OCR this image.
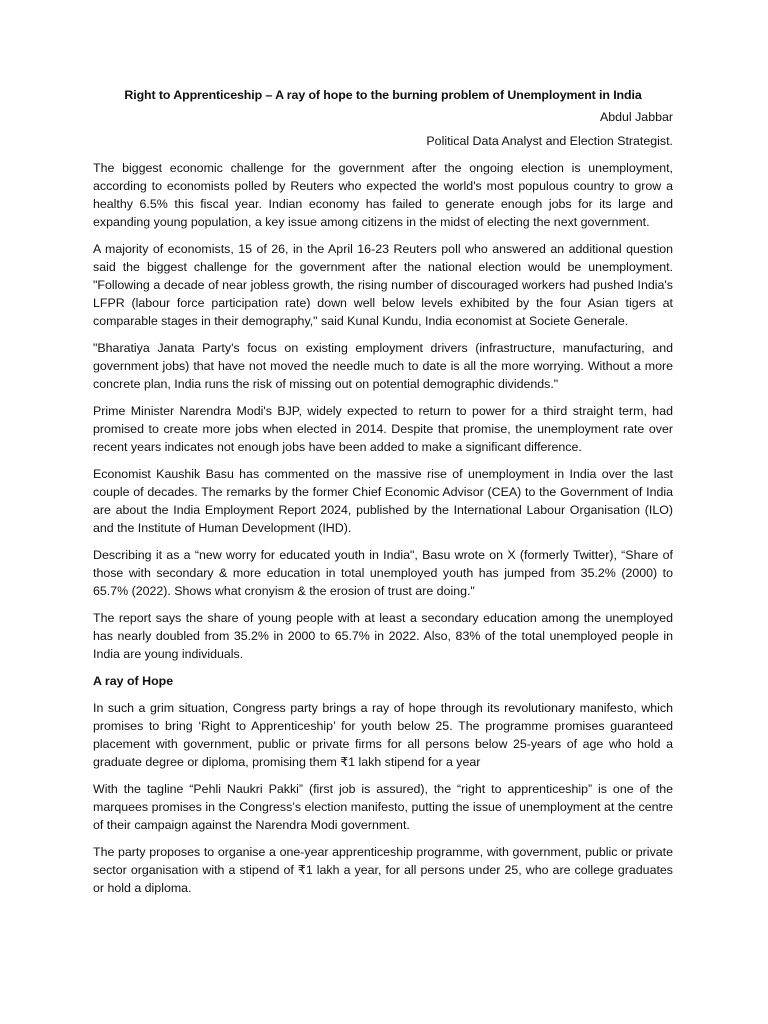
Right to Apprenticeship – A ray of hope to the burning problem of Unemployment in India
Abdul Jabbar
Political Data Analyst and Election Strategist.

The biggest economic challenge for the government after the ongoing election is unemployment, according to economists polled by Reuters who expected the world's most populous country to grow a healthy 6.5% this fiscal year. Indian economy has failed to generate enough jobs for its large and expanding young population, a key issue among citizens in the midst of electing the next government.

A majority of economists, 15 of 26, in the April 16-23 Reuters poll who answered an additional question said the biggest challenge for the government after the national election would be unemployment. "Following a decade of near jobless growth, the rising number of discouraged workers had pushed India's LFPR (labour force participation rate) down well below levels exhibited by the four Asian tigers at comparable stages in their demography," said Kunal Kundu, India economist at Societe Generale.

"Bharatiya Janata Party's focus on existing employment drivers (infrastructure, manufacturing, and government jobs) that have not moved the needle much to date is all the more worrying. Without a more concrete plan, India runs the risk of missing out on potential demographic dividends."

Prime Minister Narendra Modi's BJP, widely expected to return to power for a third straight term, had promised to create more jobs when elected in 2014. Despite that promise, the unemployment rate over recent years indicates not enough jobs have been added to make a significant difference.

Economist Kaushik Basu has commented on the massive rise of unemployment in India over the last couple of decades. The remarks by the former Chief Economic Advisor (CEA) to the Government of India are about the India Employment Report 2024, published by the International Labour Organisation (ILO) and the Institute of Human Development (IHD).

Describing it as a “new worry for educated youth in India", Basu wrote on X (formerly Twitter), “Share of those with secondary & more education in total unemployed youth has jumped from 35.2% (2000) to 65.7% (2022). Shows what cronyism & the erosion of trust are doing."

The report says the share of young people with at least a secondary education among the unemployed has nearly doubled from 35.2% in 2000 to 65.7% in 2022. Also, 83% of the total unemployed people in India are young individuals.

A ray of Hope

In such a grim situation, Congress party brings a ray of hope through its revolutionary manifesto, which promises to bring ‘Right to Apprenticeship’ for youth below 25. The programme promises guaranteed placement with government, public or private firms for all persons below 25-years of age who hold a graduate degree or diploma, promising them ₹1 lakh stipend for a year

With the tagline “Pehli Naukri Pakki” (first job is assured), the “right to apprenticeship” is one of the marquees promises in the Congress’s election manifesto, putting the issue of unemployment at the centre of their campaign against the Narendra Modi government.

The party proposes to organise a one-year apprenticeship programme, with government, public or private sector organisation with a stipend of ₹1 lakh a year, for all persons under 25, who are college graduates or hold a diploma.
